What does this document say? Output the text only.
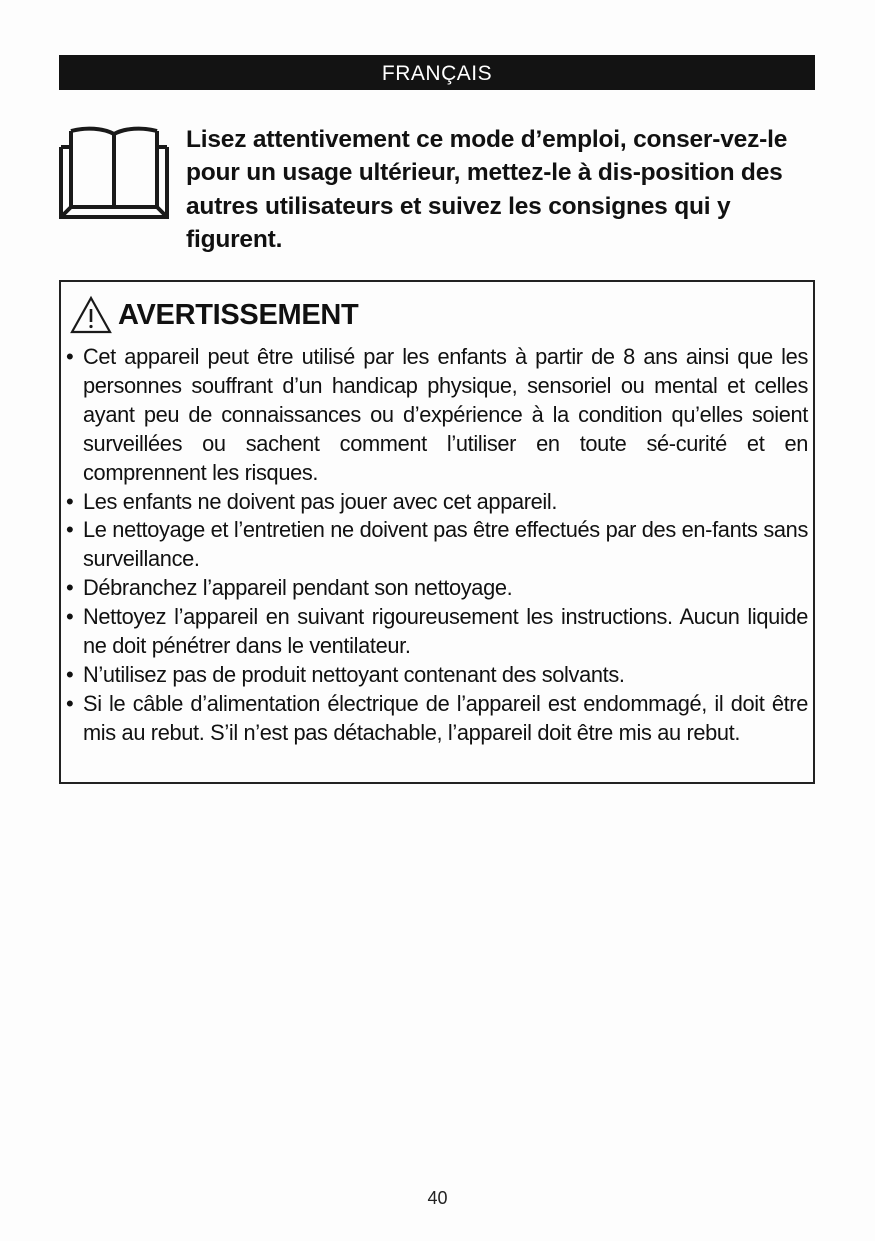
FRANÇAIS

Lisez attentivement ce mode d’emploi, conser-vez-le pour un usage ultérieur, mettez-le à dis-position des autres utilisateurs et suivez les consignes qui y figurent.

AVERTISSEMENT
• Cet appareil peut être utilisé par les enfants à partir de 8 ans ainsi que les personnes souffrant d’un handicap physique, sensoriel ou mental et celles ayant peu de connaissances ou d’expérience à la condition qu’elles soient surveillées ou sachent comment l’utiliser en toute sé-curité et en comprennent les risques.
• Les enfants ne doivent pas jouer avec cet appareil.
• Le nettoyage et l’entretien ne doivent pas être effectués par des en-fants sans surveillance.
• Débranchez l’appareil pendant son nettoyage.
• Nettoyez l’appareil en suivant rigoureusement les instructions. Aucun liquide ne doit pénétrer dans le ventilateur.
• N’utilisez pas de produit nettoyant contenant des solvants.
• Si le câble d’alimentation électrique de l’appareil est endommagé, il doit être mis au rebut. S’il n’est pas détachable, l’appareil doit être mis au rebut.
40
